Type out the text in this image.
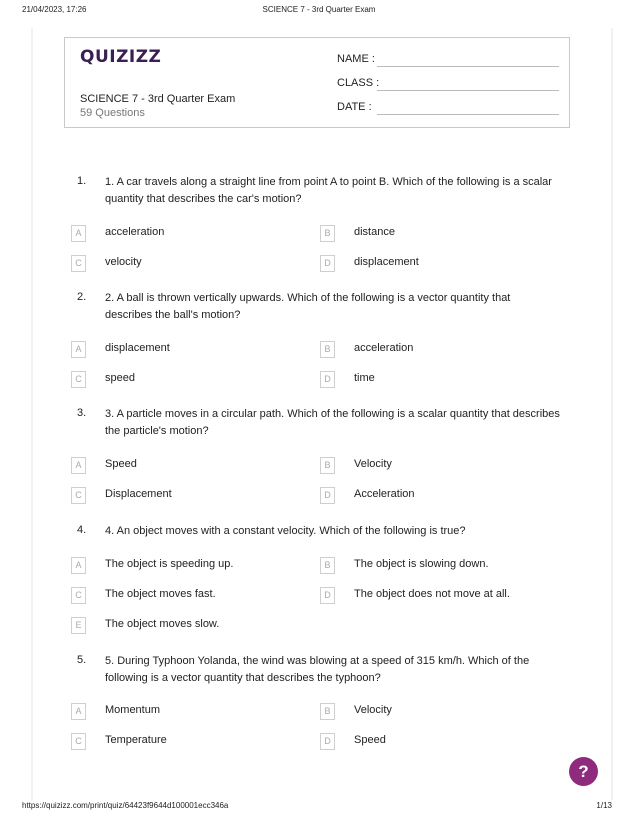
21/04/2023, 17:26	SCIENCE 7 - 3rd Quarter Exam
QUIZIZZ
SCIENCE 7 - 3rd Quarter Exam
59 Questions
NAME :
CLASS :
DATE :
1. 1. A car travels along a straight line from point A to point B. Which of the following is a scalar quantity that describes the car's motion?
A	acceleration	B	distance
C	velocity	D	displacement
2. 2. A ball is thrown vertically upwards. Which of the following is a vector quantity that describes the ball's motion?
A	displacement	B	acceleration
C	speed	D	time
3. 3. A particle moves in a circular path. Which of the following is a scalar quantity that describes the particle's motion?
A	Speed	B	Velocity
C	Displacement	D	Acceleration
4. 4. An object moves with a constant velocity. Which of the following is true?
A	The object is speeding up.	B	The object is slowing down.
C	The object moves fast.	D	The object does not move at all.
E	The object moves slow.
5. 5. During Typhoon Yolanda, the wind was blowing at a speed of 315 km/h. Which of the following is a vector quantity that describes the typhoon?
A	Momentum	B	Velocity
C	Temperature	D	Speed
?
https://quizizz.com/print/quiz/64423f9644d100001ecc346a	1/13
